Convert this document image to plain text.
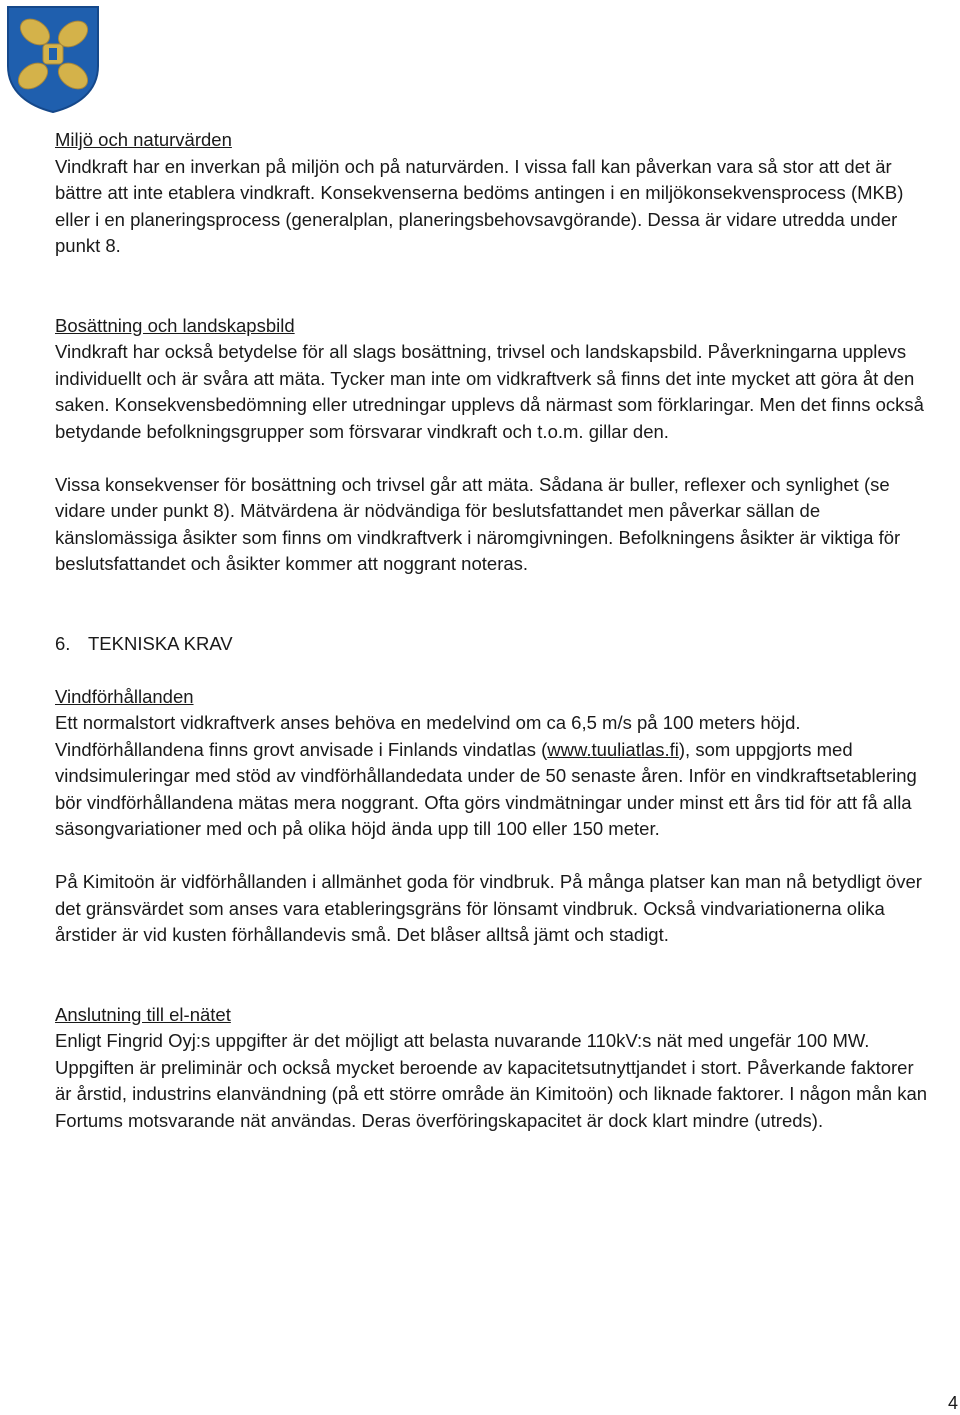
Miljö och naturvärden

Vindkraft har en inverkan på miljön och på naturvärden. I vissa fall kan påverkan vara så stor att det är bättre att inte etablera vindkraft. Konsekvenserna bedöms antingen i en miljökonsekvensprocess (MKB) eller i en planeringsprocess (generalplan, planeringsbehovsavgörande). Dessa är vidare utredda under punkt 8.

Bosättning och landskapsbild

Vindkraft har också betydelse för all slags bosättning, trivsel och landskapsbild. Påverkningarna upplevs individuellt och är svåra att mäta. Tycker man inte om vidkraftverk så finns det inte mycket att göra åt den saken. Konsekvensbedömning eller utredningar upplevs då närmast som förklaringar. Men det finns också betydande befolkningsgrupper som försvarar vindkraft och t.o.m. gillar den.

Vissa konsekvenser för bosättning och trivsel går att mäta. Sådana är buller, reflexer och synlighet (se vidare under punkt 8). Mätvärdena är nödvändiga för beslutsfattandet men påverkar sällan de känslomässiga åsikter som finns om vindkraftverk i näromgivningen. Befolkningens åsikter är viktiga för beslutsfattandet och åsikter kommer att noggrant noteras.

6. TEKNISKA KRAV

Vindförhållanden

Ett normalstort vidkraftverk anses behöva en medelvind om ca 6,5 m/s på 100 meters höjd. Vindförhållandena finns grovt anvisade i Finlands vindatlas (www.tuuliatlas.fi), som uppgjorts med vindsimuleringar med stöd av vindförhållandedata under de 50 senaste åren. Inför en vindkraftsetablering bör vindförhållandena mätas mera noggrant. Ofta görs vindmätningar under minst ett års tid för att få alla säsongvariationer med och på olika höjd ända upp till 100 eller 150 meter.

På Kimitoön är vidförhållanden i allmänhet goda för vindbruk. På många platser kan man nå betydligt över det gränsvärdet som anses vara etableringsgräns för lönsamt vindbruk. Också vindvariationerna olika årstider är vid kusten förhållandevis små. Det blåser alltså jämt och stadigt.

Anslutning till el-nätet

Enligt Fingrid Oyj:s uppgifter är det möjligt att belasta nuvarande 110kV:s nät med ungefär 100 MW. Uppgiften är preliminär och också mycket beroende av kapacitetsutnyttjandet i stort. Påverkande faktorer är årstid, industrins elanvändning (på ett större område än Kimitoön) och liknade faktorer. I någon mån kan Fortums motsvarande nät användas. Deras överföringskapacitet är dock klart mindre (utreds).

4
